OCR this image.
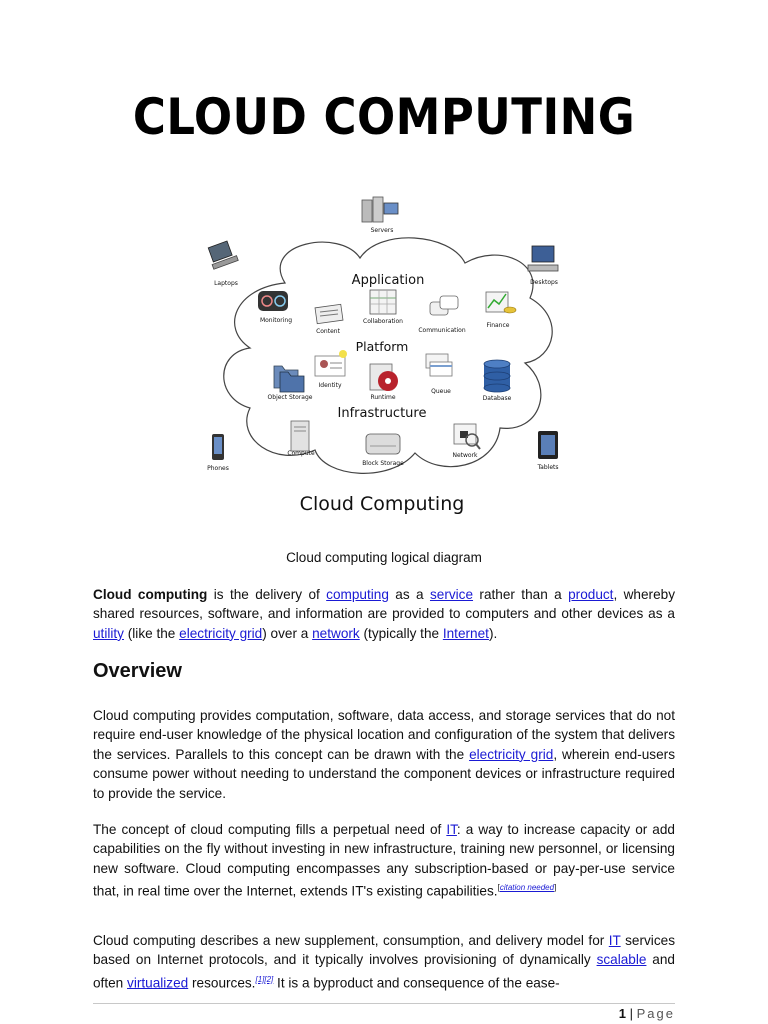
CLOUD COMPUTING
Application
Platform
Infrastructure
Servers
Laptops	Desktops
Phones	Tablets
Monitoring
Content
Collaboration
Communication
Finance
Identity
Object Storage	Runtime
Queue
Database
Compute
Block Storage
Network
Cloud Computing
Cloud computing logical diagram
Cloud computing is the delivery of computing as a service rather than a product, whereby shared resources, software, and information are provided to computers and other devices as a utility (like the electricity grid) over a network (typically the Internet).
Overview
Cloud computing provides computation, software, data access, and storage services that do not require end-user knowledge of the physical location and configuration of the system that delivers the services. Parallels to this concept can be drawn with the electricity grid, wherein end-users consume power without needing to understand the component devices or infrastructure required to provide the service.
The concept of cloud computing fills a perpetual need of IT: a way to increase capacity or add capabilities on the fly without investing in new infrastructure, training new personnel, or licensing new software. Cloud computing encompasses any subscription-based or pay-per-use service that, in real time over the Internet, extends IT's existing capabilities.[citation needed]
Cloud computing describes a new supplement, consumption, and delivery model for IT services based on Internet protocols, and it typically involves provisioning of dynamically scalable and often virtualized resources.[1][2] It is a byproduct and consequence of the ease-
1 | Page
